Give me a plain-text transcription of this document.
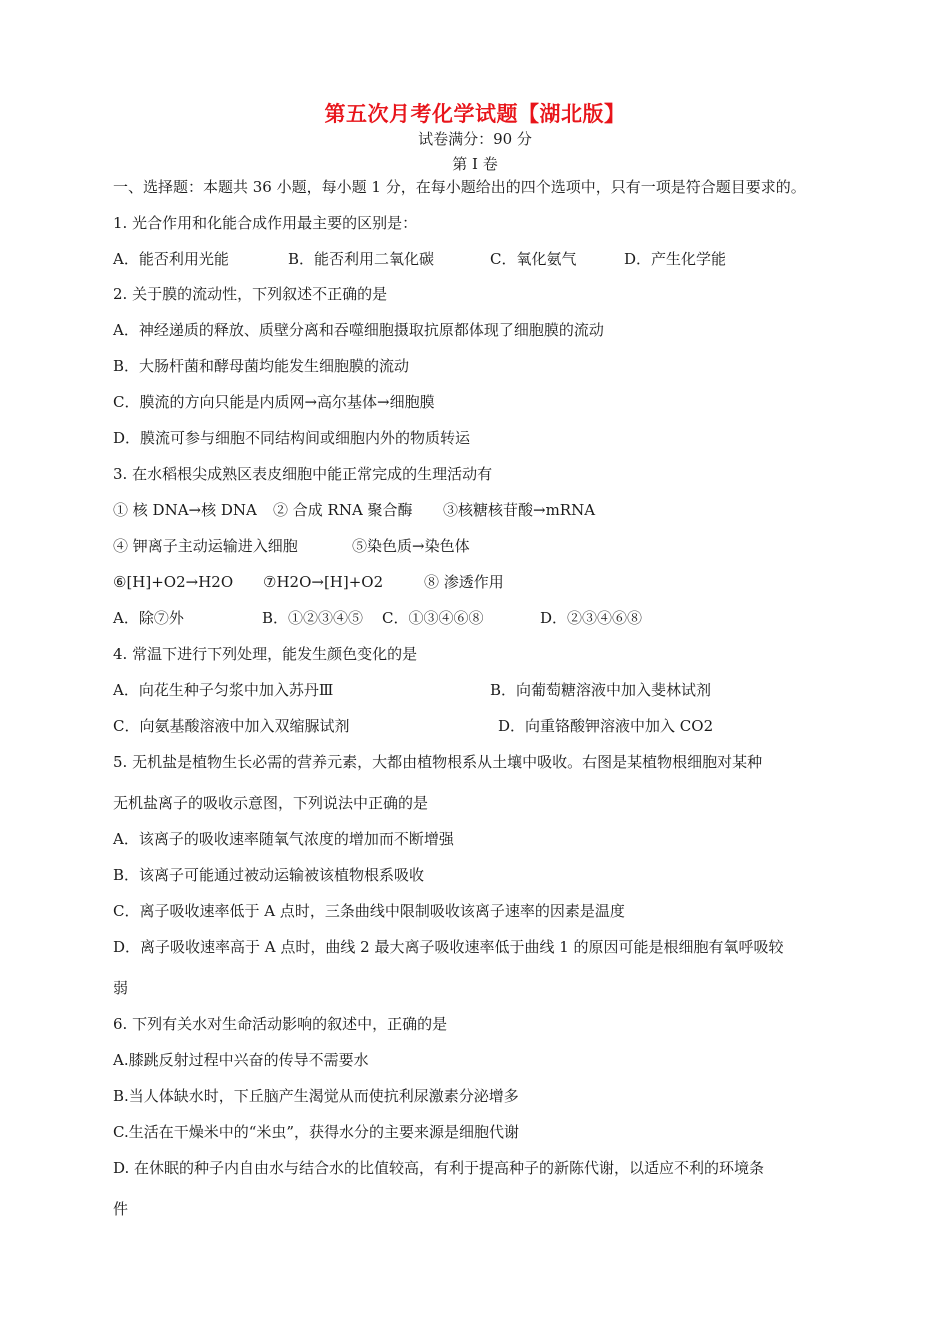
第五次月考化学试题【湖北版】
试卷满分：90 分
第 I 卷
一、选择题：本题共 36 小题，每小题 1 分，在每小题给出的四个选项中，只有一项是符合题目要求的。
1. 光合作用和化能合成作用最主要的区别是：
A．能否利用光能	B．能否利用二氧化碳	C．氧化氨气	D．产生化学能
2. 关于膜的流动性，下列叙述不正确的是
A．神经递质的释放、质壁分离和吞噬细胞摄取抗原都体现了细胞膜的流动
B．大肠杆菌和酵母菌均能发生细胞膜的流动
C．膜流的方向只能是内质网→高尔基体→细胞膜
D．膜流可参与细胞不同结构间或细胞内外的物质转运
3. 在水稻根尖成熟区表皮细胞中能正常完成的生理活动有
① 核 DNA→核 DNA ② 合成 RNA 聚合酶 ③核糖核苷酸→mRNA
④ 钾离子主动运输进入细胞	⑤染色质→染色体
⑥[H]+O2→H2O ⑦H2O→[H]+O2	⑧ 渗透作用
A．除⑦外	B．①②③④⑤ C．①③④⑥⑧	D．②③④⑥⑧
4. 常温下进行下列处理，能发生颜色变化的是
A．向花生种子匀浆中加入苏丹Ⅲ	B．向葡萄糖溶液中加入斐林试剂
C．向氨基酸溶液中加入双缩脲试剂	D．向重铬酸钾溶液中加入 CO2
5. 无机盐是植物生长必需的营养元素，大都由植物根系从土壤中吸收。右图是某植物根细胞对某种
无机盐离子的吸收示意图，下列说法中正确的是
A．该离子的吸收速率随氧气浓度的增加而不断增强
B．该离子可能通过被动运输被该植物根系吸收
C．离子吸收速率低于 A 点时，三条曲线中限制吸收该离子速率的因素是温度
D．离子吸收速率高于 A 点时，曲线 2 最大离子吸收速率低于曲线 1 的原因可能是根细胞有氧呼吸较
弱
6. 下列有关水对生命活动影响的叙述中，正确的是
A.膝跳反射过程中兴奋的传导不需要水
B.当人体缺水时，下丘脑产生渴觉从而使抗利尿激素分泌增多
C.生活在干燥米中的“米虫”，获得水分的主要来源是细胞代谢
D. 在休眠的种子内自由水与结合水的比值较高，有利于提高种子的新陈代谢，以适应不利的环境条
件
